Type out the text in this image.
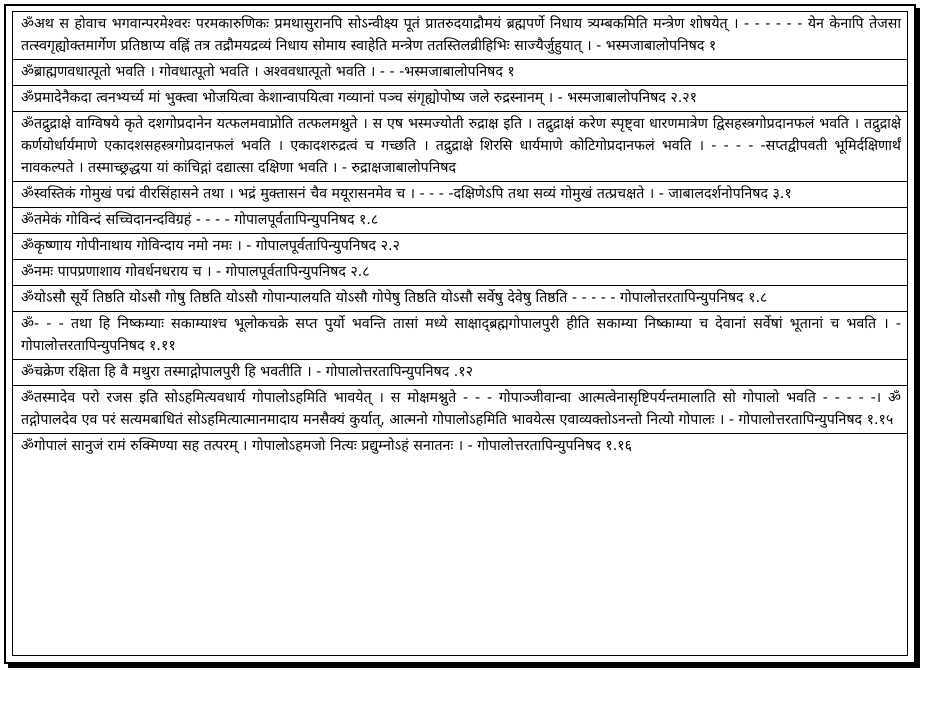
ॐअथ स होवाच भगवान्परमेश्वरः परमकारुणिकः प्रमथासुरानपि सोऽन्वीक्ष्य पूतं प्रातरुदयाद्रौमयं ब्रह्मपर्णे निधाय त्र्यम्बकमिति मन्त्रेण शोषयेत् । - - - - - - येन केनापि तेजसा तत्स्वगृह्योक्तमार्गेण प्रतिष्ठाप्य वह्निं तत्र तद्रौमयद्रव्यं निधाय सोमाय स्वाहेति मन्त्रेण ततस्तिलव्रीहिभिः साज्यैर्जुहुयात् । - भस्मजाबालोपनिषद १
ॐब्राह्मणवधात्पूतो भवति । गोवधात्पूतो भवति । अश्ववधात्पूतो भवति । - - -भस्मजाबालोपनिषद १
ॐप्रमादेनैकदा त्वनभ्यर्च्य मां भुक्त्वा भोजयित्वा केशान्वापयित्वा गव्यानां पञ्च संगृह्योपोष्य जले रुद्रस्नानम् । - भस्मजाबालोपनिषद २.२१
ॐतद्रुद्राक्षे वाग्विषये कृते दशगोप्रदानेन यत्फलमवाप्नोति तत्फलमश्नुते । स एष भस्मज्योती रुद्राक्ष इति । तद्रुद्राक्षं करेण स्पृष्ट्वा धारणमात्रेण द्विसहस्त्रगोप्रदानफलं भवति । तद्रुद्राक्षे कर्णयोर्धार्यमाणे एकादशसहस्त्रगोप्रदानफलं भवति । एकादशरुद्रत्वं च गच्छति । तद्रुद्राक्षे शिरसि धार्यमाणे कोटिगोप्रदानफलं भवति । - - - - -सप्तद्वीपवती भूमिर्दक्षिणार्थं नावकल्पते । तस्माच्छ्रद्धया यां कांचिद्गां दद्यात्सा दक्षिणा भवति । - रुद्राक्षजाबालोपनिषद
ॐस्वस्तिकं गोमुखं पद्मं वीरसिंहासने तथा । भद्रं मुक्तासनं चैव मयूरासनमेव च । - - - -दक्षिणेऽपि तथा सव्यं गोमुखं तत्प्रचक्षते । - जाबालदर्शनोपनिषद ३.१
ॐतमेकं गोविन्दं सच्चिदानन्दविग्रहं - - - - गोपालपूर्वतापिन्युपनिषद १.८
ॐकृष्णाय गोपीनाथाय गोविन्दाय नमो नमः । - गोपालपूर्वतापिन्युपनिषद २.२
ॐनमः पापप्रणाशाय गोवर्धनधराय च । - गोपालपूर्वतापिन्युपनिषद २.८
ॐयोऽसौ सूर्ये तिष्ठति योऽसौ गोषु तिष्ठति योऽसौ गोपान्पालयति योऽसौ गोपेषु तिष्ठति योऽसौ सर्वेषु देवेषु तिष्ठति - - - - - गोपालोत्तरतापिन्युपनिषद १.८
ॐ- - - तथा हि निष्कम्याः सकाम्याश्च भूलोकचक्रे सप्त पुर्यो भवन्ति तासां मध्ये साक्षाद्ब्रह्मगोपालपुरी हीति सकाम्या निष्काम्या च देवानां सर्वेषां भूतानां च भवति । - गोपालोत्तरतापिन्युपनिषद १.११
ॐचक्रेण रक्षिता हि वै मथुरा तस्माद्गोपालपुरी हि भवतीति । - गोपालोत्तरतापिन्युपनिषद .१२
ॐतस्मादेव परो रजस इति सोऽहमित्यवधार्य गोपालोऽहमिति भावयेत् । स मोक्षमश्नुते - - - गोपाञ्जीवान्वा आत्मत्वेनासृष्टिपर्यन्तमालाति सो गोपालो भवति - - - - -। ॐ तद्गोपालदेव एव परं सत्यमबाधितं सोऽहमित्यात्मानमादाय मनसैक्यं कुर्यात्, आत्मनो गोपालोऽहमिति भावयेत्स एवाव्यक्तोऽनन्तो नित्यो गोपालः । - गोपालोत्तरतापिन्युपनिषद १.१५
ॐगोपालं सानुजं रामं रुक्मिण्या सह तत्परम् । गोपालोऽहमजो नित्यः प्रद्युम्नोऽहं सनातनः । - गोपालोत्तरतापिन्युपनिषद १.१६
